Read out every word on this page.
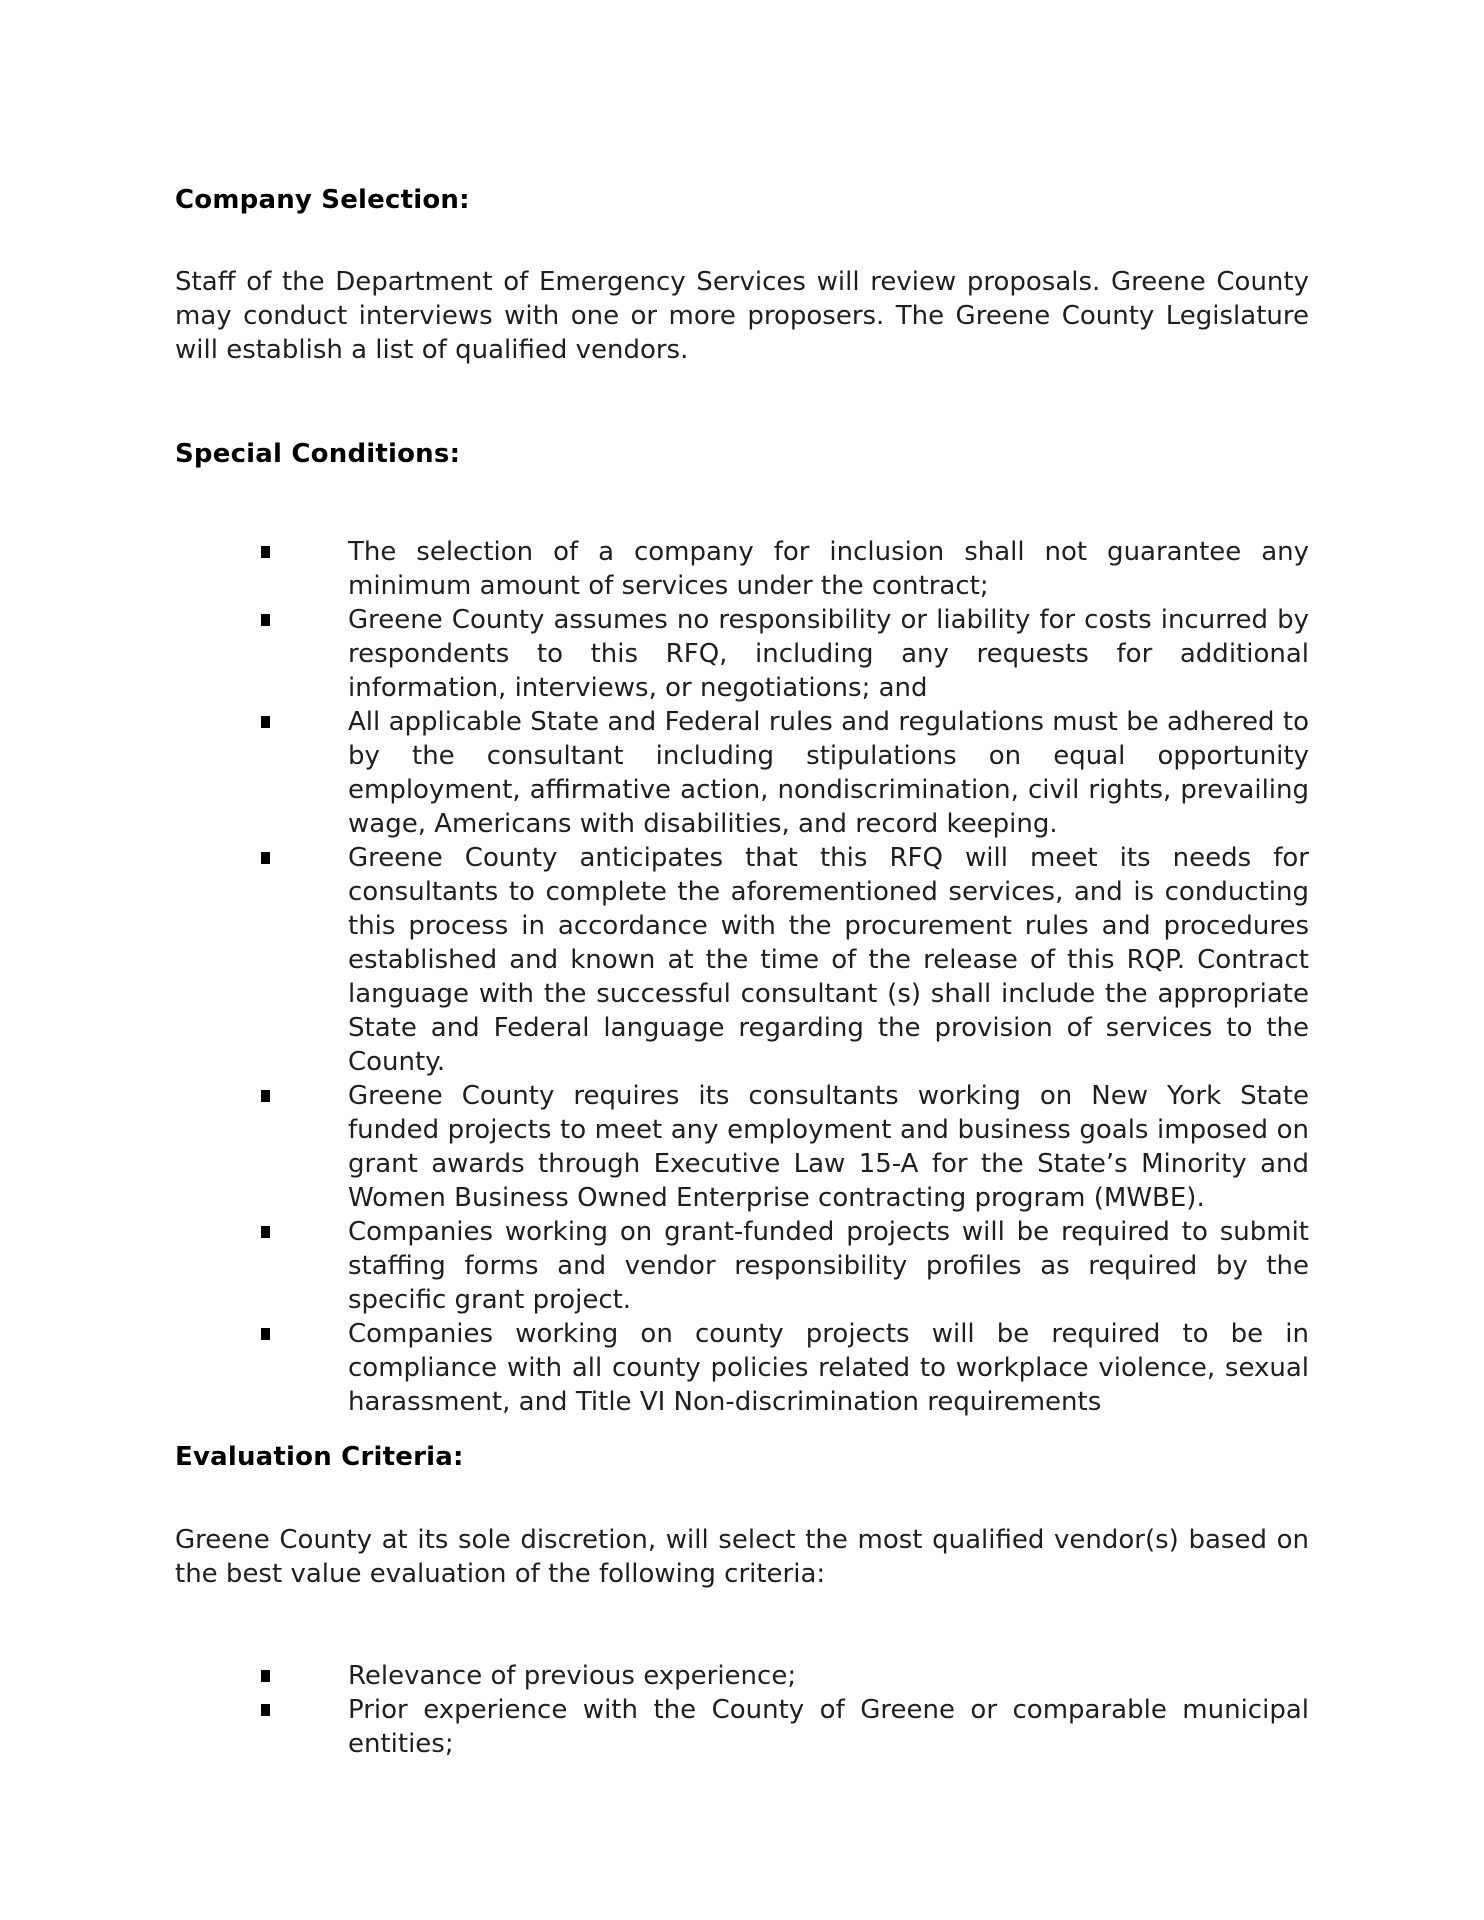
Company Selection:

Staff of the Department of Emergency Services will review proposals. Greene County may conduct interviews with one or more proposers. The Greene County Legislature will establish a list of qualified vendors.

Special Conditions:
The selection of a company for inclusion shall not guarantee any minimum amount of services under the contract;
Greene County assumes no responsibility or liability for costs incurred by respondents to this RFQ, including any requests for additional information, interviews, or negotiations; and
All applicable State and Federal rules and regulations must be adhered to by the consultant including stipulations on equal opportunity employment, affirmative action, nondiscrimination, civil rights, prevailing wage, Americans with disabilities, and record keeping.
Greene County anticipates that this RFQ will meet its needs for consultants to complete the aforementioned services, and is conducting this process in accordance with the procurement rules and procedures established and known at the time of the release of this RQP. Contract language with the successful consultant (s) shall include the appropriate State and Federal language regarding the provision of services to the County.
Greene County requires its consultants working on New York State funded projects to meet any employment and business goals imposed on grant awards through Executive Law 15-A for the State’s Minority and Women Business Owned Enterprise contracting program (MWBE).
Companies working on grant-funded projects will be required to submit staffing forms and vendor responsibility profiles as required by the specific grant project.
Companies working on county projects will be required to be in compliance with all county policies related to workplace violence, sexual harassment, and Title VI Non-discrimination requirements
Evaluation Criteria:

Greene County at its sole discretion, will select the most qualified vendor(s) based on the best value evaluation of the following criteria:

Relevance of previous experience;
Prior experience with the County of Greene or comparable municipal entities;
